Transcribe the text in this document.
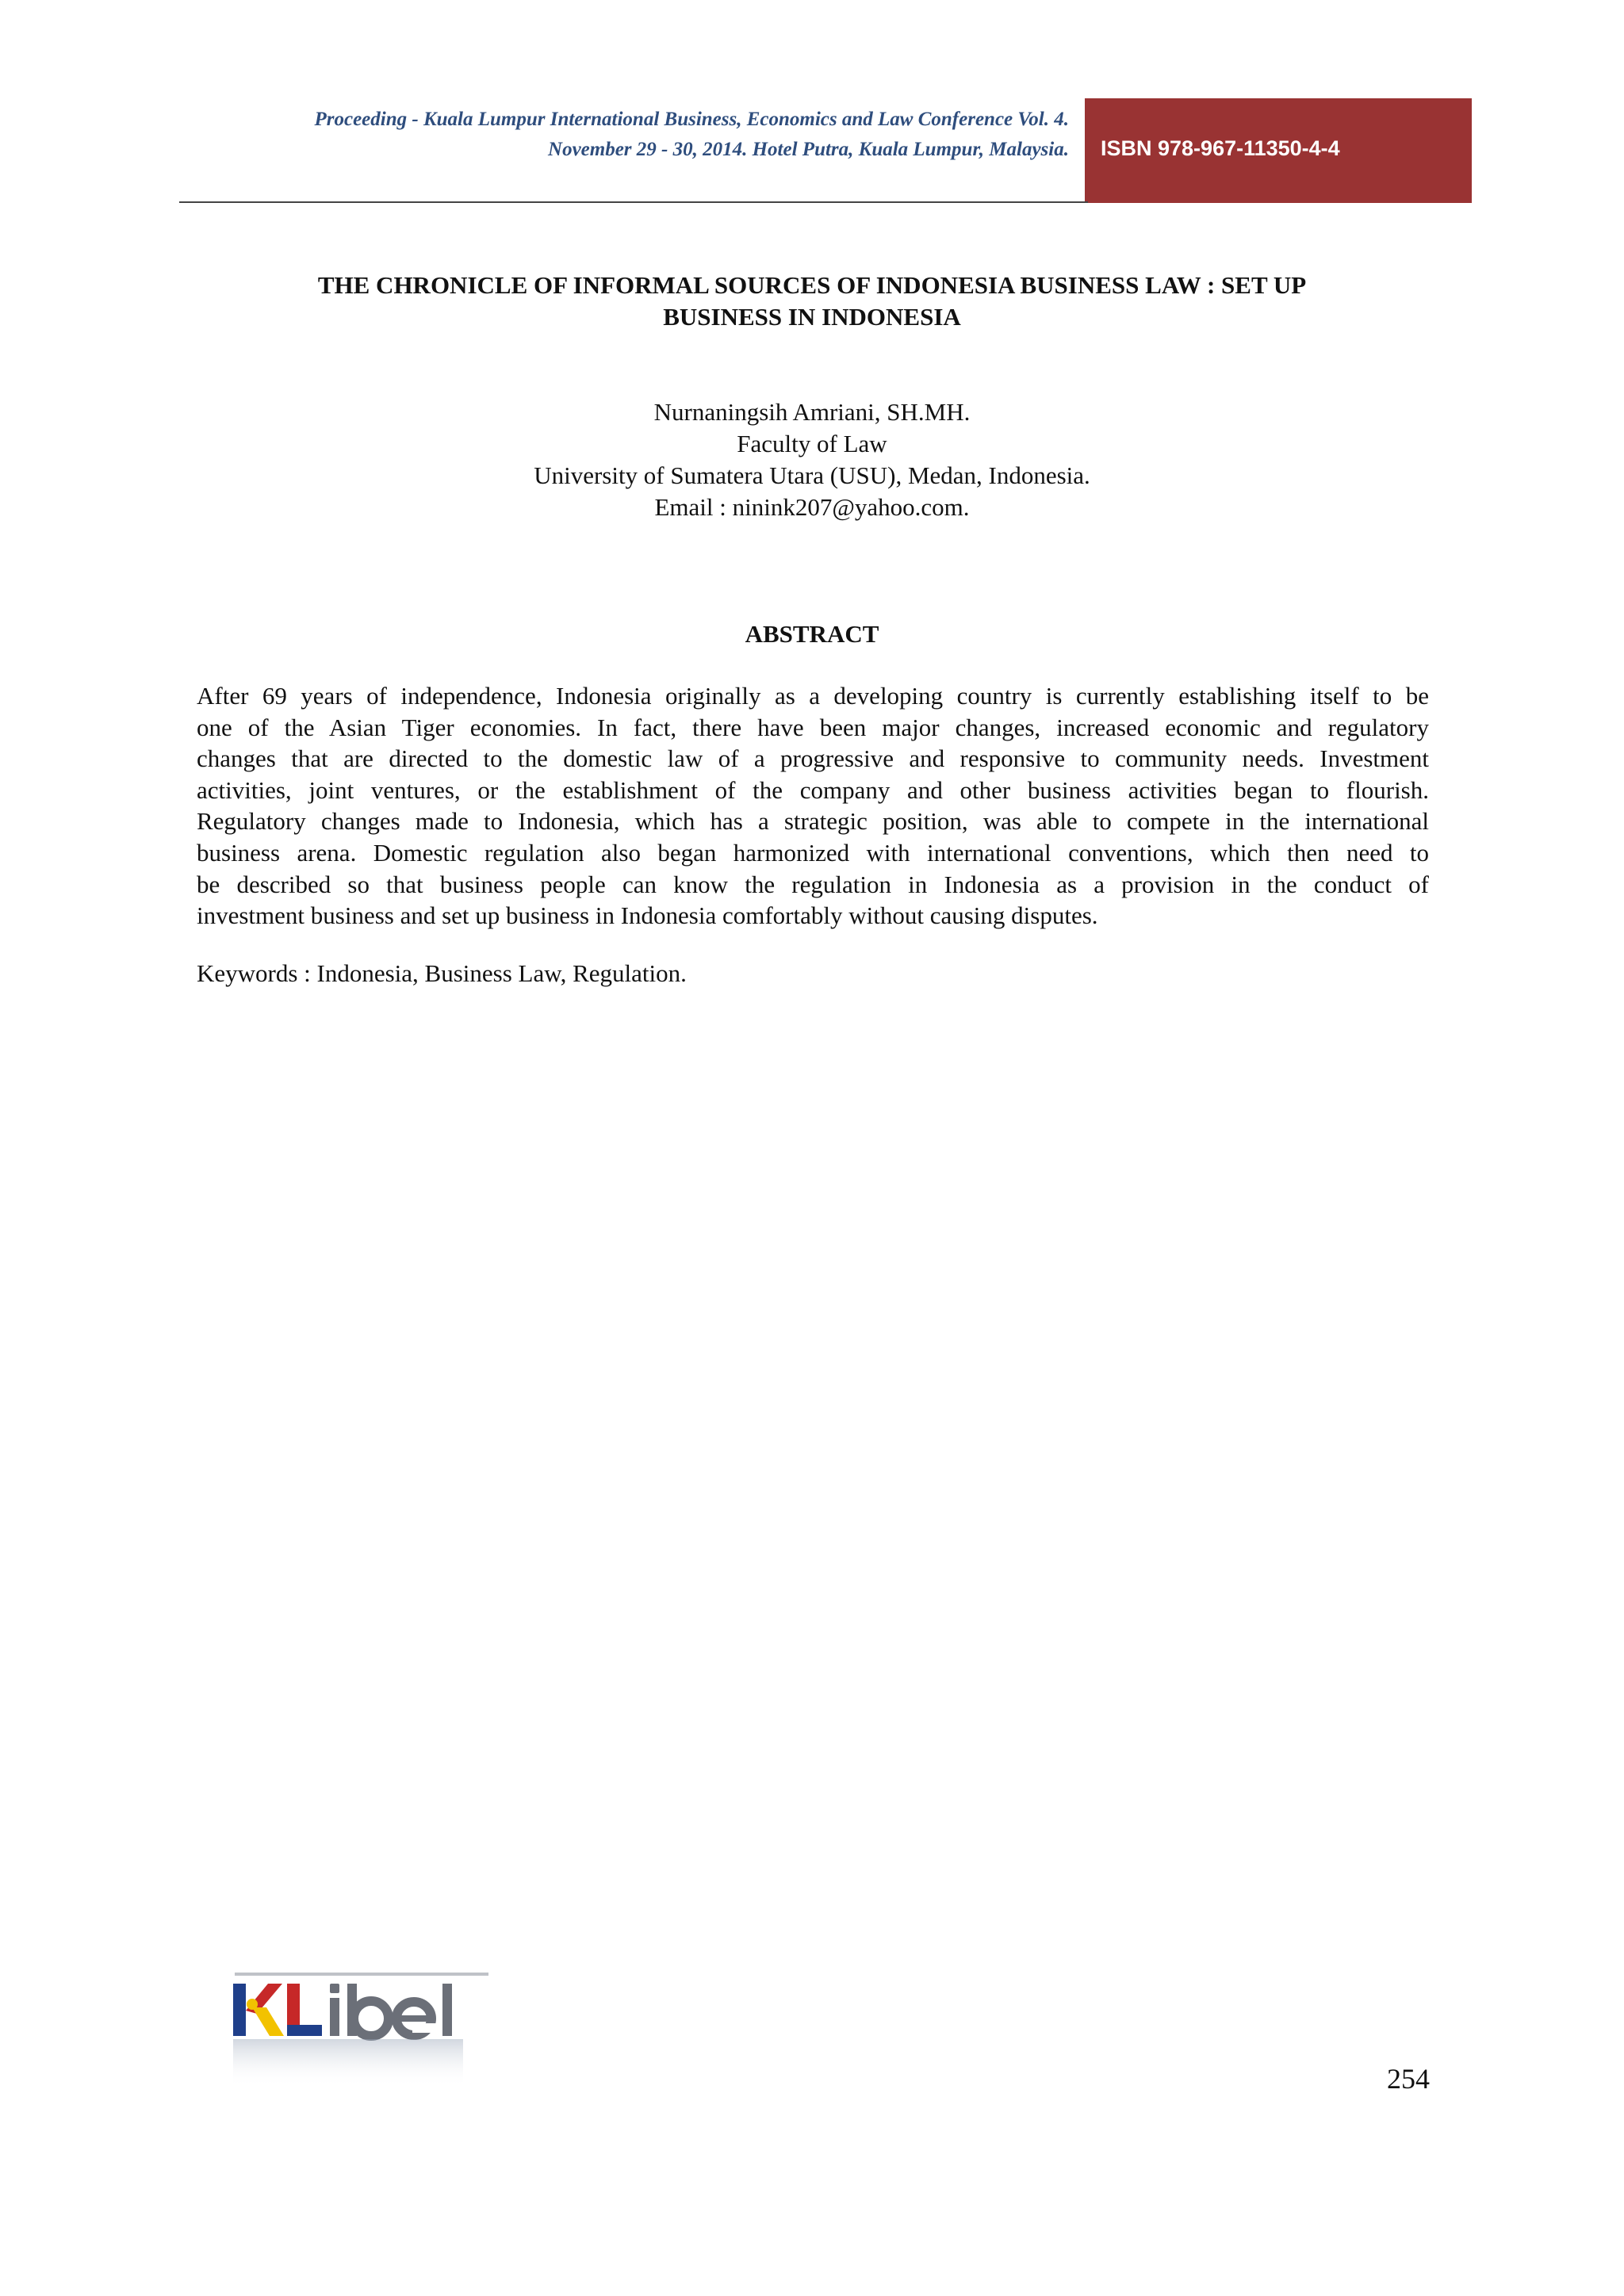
Proceeding - Kuala Lumpur International Business, Economics and Law Conference Vol. 4.
November 29 - 30, 2014. Hotel Putra, Kuala Lumpur, Malaysia. ISBN 978-967-11350-4-4
THE CHRONICLE OF INFORMAL SOURCES OF INDONESIA BUSINESS LAW : SET UP
BUSINESS IN INDONESIA
Nurnaningsih Amriani, SH.MH.
Faculty of Law
University of Sumatera Utara (USU), Medan, Indonesia.
Email : ninink207@yahoo.com.
ABSTRACT
After 69 years of independence, Indonesia originally as a developing country is currently establishing itself to be
one of the Asian Tiger economies. In fact, there have been major changes, increased economic and regulatory
changes that are directed to the domestic law of a progressive and responsive to community needs. Investment
activities, joint ventures, or the establishment of the company and other business activities began to flourish.
Regulatory changes made to Indonesia, which has a strategic position, was able to compete in the international
business arena. Domestic regulation also began harmonized with international conventions, which then need to
be described so that business people can know the regulation in Indonesia as a provision in the conduct of
investment business and set up business in Indonesia comfortably without causing disputes.
Keywords : Indonesia, Business Law, Regulation.
254
